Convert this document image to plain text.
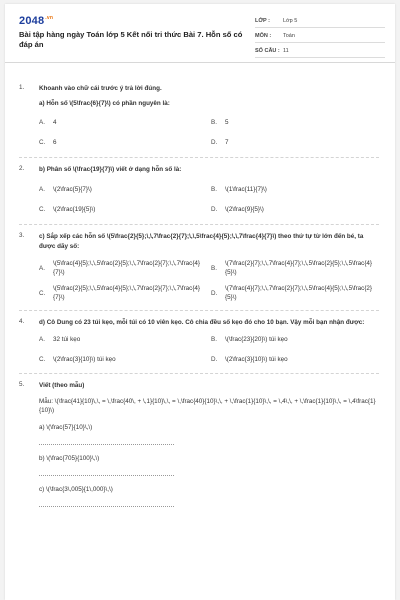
$2048^{.vn}$
Bài tập hàng ngày Toán lớp 5 Kết nối tri thức Bài 7. Hỗn số có đáp án
LỚP : Lớp 5
MÔN : Toán
SỐ CÂU : 11
1.	Khoanh vào chữ cái trước ý trả lời đúng.
a) Hỗn số \(5\frac{6}{7}\) có phần nguyên là:
A.	4	B.	5
C.	6	D.	7
2.	b) Phân số \(\frac{19}{7}\) viết ở dạng hỗn số là:
A.	\(2\frac{5}{7}\)	B.	\(1\frac{11}{7}\)
C.	\(2\frac{19}{5}\)	D.	\(2\frac{9}{5}\)
3.	c) Sắp xếp các hỗn số \(5\frac{2}{5};\,\,7\frac{2}{7};\,\,5\frac{4}{5};\,\,7\frac{4}{7}\) theo thứ tự từ lớn đến bé, ta được dãy số:
A.
\(5\frac{4}{5};\,\,5\frac{2}{5};\,\,7\frac{2}{7};\,\,7\frac{4}{7}\)
B.
\(7\frac{2}{7};\,\,7\frac{4}{7};\,\,5\frac{2}{5};\,\,5\frac{4}{5}\)
C.
\(5\frac{2}{5};\,\,5\frac{4}{5};\,\,7\frac{2}{7};\,\,7\frac{4}{7}\)
D.
\(7\frac{4}{7};\,\,7\frac{2}{7};\,\,5\frac{4}{5};\,\,5\frac{2}{5}\)
4.	d) Cô Dung có 23 túi kẹo, mỗi túi có 10 viên kẹo. Cô chia đều số kẹo đó cho 10 bạn. Vậy mỗi bạn nhận được:
A.	32 túi kẹo	B.	\(\frac{23}{20}\) túi kẹo
C.	\(2\frac{3}{10}\) túi kẹo	D.	\(2\frac{3}{10}\) túi kẹo
5.	Viết (theo mẫu)
Mẫu: \(\frac{41}{10}\,\, = \,\frac{40\, + \,1}{10}\,\, = \,\frac{40}{10}\,\, + \,\frac{1}{10}\,\, = \,4\,\, + \,\frac{1}{10}\,\, = \,4\frac{1}{10}\)
a) \(\frac{57}{10}\,\)
b) \(\frac{705}{100}\,\)
c) \(\frac{3\,005}{1\,000}\,\)
